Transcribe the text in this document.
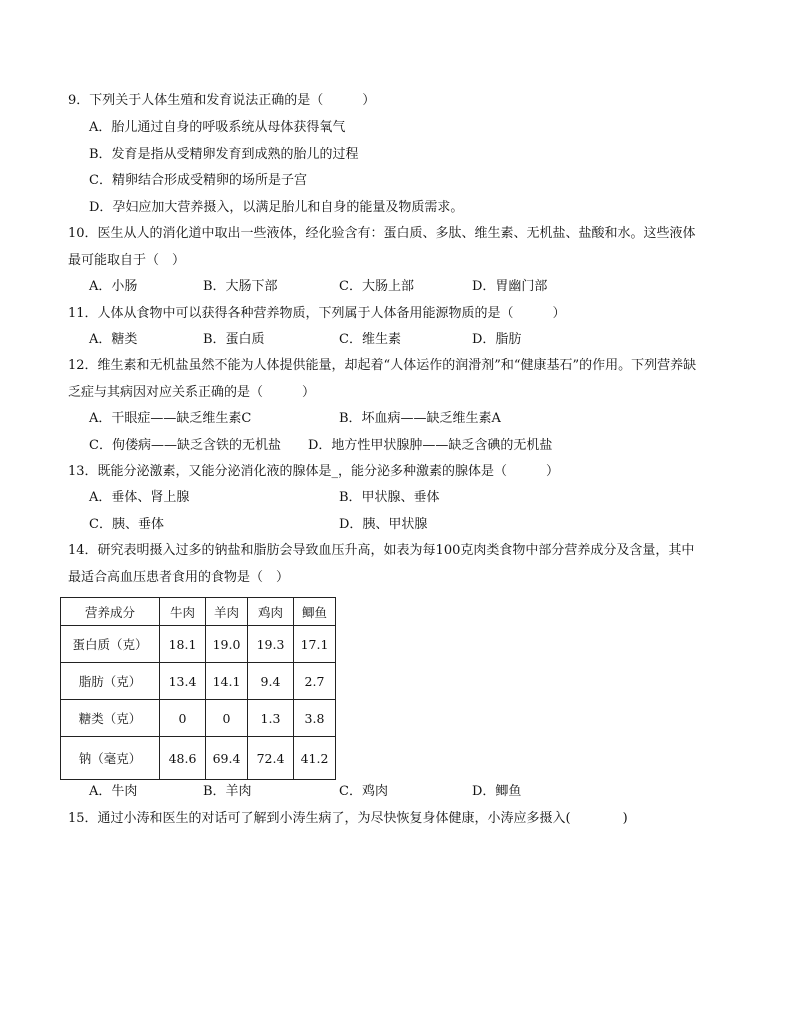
9．下列关于人体生殖和发育说法正确的是（　　　）
A．胎儿通过自身的呼吸系统从母体获得氧气
B．发育是指从受精卵发育到成熟的胎儿的过程
C．精卵结合形成受精卵的场所是子宫
D．孕妇应加大营养摄入，以满足胎儿和自身的能量及物质需求。
10．医生从人的消化道中取出一些液体，经化验含有：蛋白质、多肽、维生素、无机盐、盐酸和水。这些液体
最可能取自于（　）
A．小肠	B．大肠下部	C．大肠上部	D．胃幽门部
11．人体从食物中可以获得各种营养物质，下列属于人体备用能源物质的是（　　　）
A．糖类	B．蛋白质	C．维生素	D．脂肪
12．维生素和无机盐虽然不能为人体提供能量，却起着“人体运作的润滑剂”和“健康基石”的作用。下列营养缺
乏症与其病因对应关系正确的是（　　　）
A．干眼症——缺乏维生素C	B．坏血病——缺乏维生素A
C．佝偻病——缺乏含铁的无机盐 D．地方性甲状腺肿——缺乏含碘的无机盐
13．既能分泌激素，又能分泌消化液的腺体是_，能分泌多种激素的腺体是（　　　）
A．垂体、肾上腺	B．甲状腺、垂体
C．胰、垂体	D．胰、甲状腺
14．研究表明摄入过多的钠盐和脂肪会导致血压升高，如表为每100克肉类食物中部分营养成分及含量，其中
最适合高血压患者食用的食物是（　）
营养成分	牛肉	羊肉	鸡肉	鲫鱼
蛋白质（克）	18.1	19.0	19.3	17.1
脂肪（克）	13.4	14.1	9.4	2.7
糖类（克）	0	0	1.3	3.8
钠（毫克）	48.6	69.4	72.4	41.2
A．牛肉	B．羊肉	C．鸡肉	D．鲫鱼
15．通过小涛和医生的对话可了解到小涛生病了，为尽快恢复身体健康，小涛应多摄入(　　　　)
